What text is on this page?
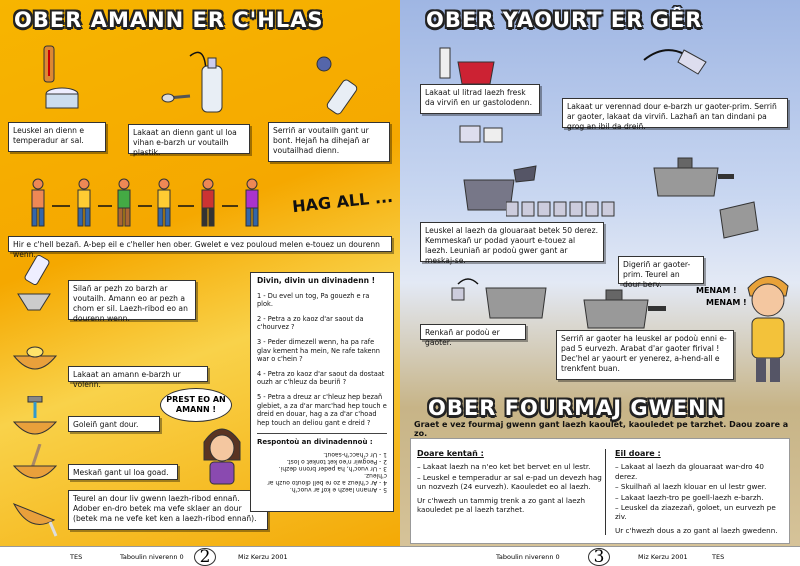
OBER AMANN ER C'HLAS
Leuskel an dienn e temperadur ar sal.
Lakaat an dienn gant ul loa vihan e-barzh ur voutailh plastik.
Serriñ ar voutailh gant ur bont. Hejañ ha dihejañ ar voutailhad dienn.
HAG ALL ...
Hir e c'hell bezañ. A-bep eil e c'heller hen ober. Gwelet e vez pouloud melen e-touez un dourenn wenn.
Silañ ar pezh zo barzh ar voutailh. Amann eo ar pezh a chom er sil. Laezh-ribod eo an dourenn wenn.
Lakaat an amann e-barzh ur volenn.
Goleiñ gant dour.
Meskañ gant ul loa goad.
Teurel an dour liv gwenn laezh-ribod ennañ. Adober en-dro betek ma vefe sklaer an dour (betek ma ne vefe ket ken a laezh-ribod ennañ).
PREST EO AN AMANN !
Divin, divin un divinadenn !
1 - Du evel un tog, Pa gouezh e ra plok.
2 - Petra a zo kaoz d'ar saout da c'hourvez ?
3 - Peder dimezell wenn, ha pa rafe glav kement ha mein, Ne rafe takenn war o c'hein ?
4 - Petra zo kaoz d'ar saout da dostaat ouzh ar c'hleuz da beuriñ ?
5 - Petra a dreuz ar c'hleuz hep bezañ glebiet, a za d'ar marc'had hep touch e dreid en douar, hag a za d'ar c'hoad hep touch an deliou gant e dreid ?
Respontoù an divinadennoù :
5 - Amann laezh e kof ar vuoc'h.
4 - Ar c'hleuz a zo re bell diouto ouzh ar c'hleuz.
3 - Ur vuoc'h, ha peder bronn dezhi.
2 - Peogwir n'eo ket tonket o lost.
1 - Ur c'hacc'h-saout.
TES	Taboulin niverenn 0 2	Miz Kerzu 2001
OBER YAOURT ER GÊR
Lakaat ul litrad laezh fresk da virviñ en ur gastolodenn.	Lakaat ur verennad dour e-barzh ur gaoter-prim. Serriñ ar gaoter, lakaat da virviñ. Lazhañ an tan dindani pa grog an ibil da dreiñ.
Leuskel al laezh da glouaraat betek 50 derez. Kemmeskañ ur podad yaourt e-touez al laezh. Leuniañ ar podoù gwer gant ar meskaj-se.	Digeriñ ar gaoter-prim. Teurel an dour berv.
Renkañ ar podoù er gaoter.	Serriñ ar gaoter ha leuskel ar podoù enni e-pad 5 eurvezh. Arabat d'ar gaoter firival ! Dec'hel ar yaourt er yenerez, a-hend-all e trenkfent buan.
MENAM !
MENAM !
OBER FOURMAJ GWENN
Graet e vez fourmaj gwenn gant laezh kaoulet, kaouledet pe tarzhet. Daou zoare a zo.
Doare kentañ :

– Lakaat laezh na n'eo ket bet bervet en ul lestr.

– Leuskel e temperadur ar sal e-pad un devezh hag un nozvezh (24 eurvezh). Kaouledet eo al laezh.

Ur c'hwezh un tammig trenk a zo gant al laezh kaouledet pe al laezh tarzhet.

Eil doare :

– Lakaat al laezh da glouaraat war-dro 40 derez.

– Skuilhañ al laezh klouar en ul lestr gwer.

– Lakaat laezh-tro pe goell-laezh e-barzh.

– Leuskel da ziazezañ, goloet, un eurvezh pe ziv.

Ur c'hwezh dous a zo gant al laezh gwedenn.

Taboulin niverenn 0	3	Miz Kerzu 2001	TES
